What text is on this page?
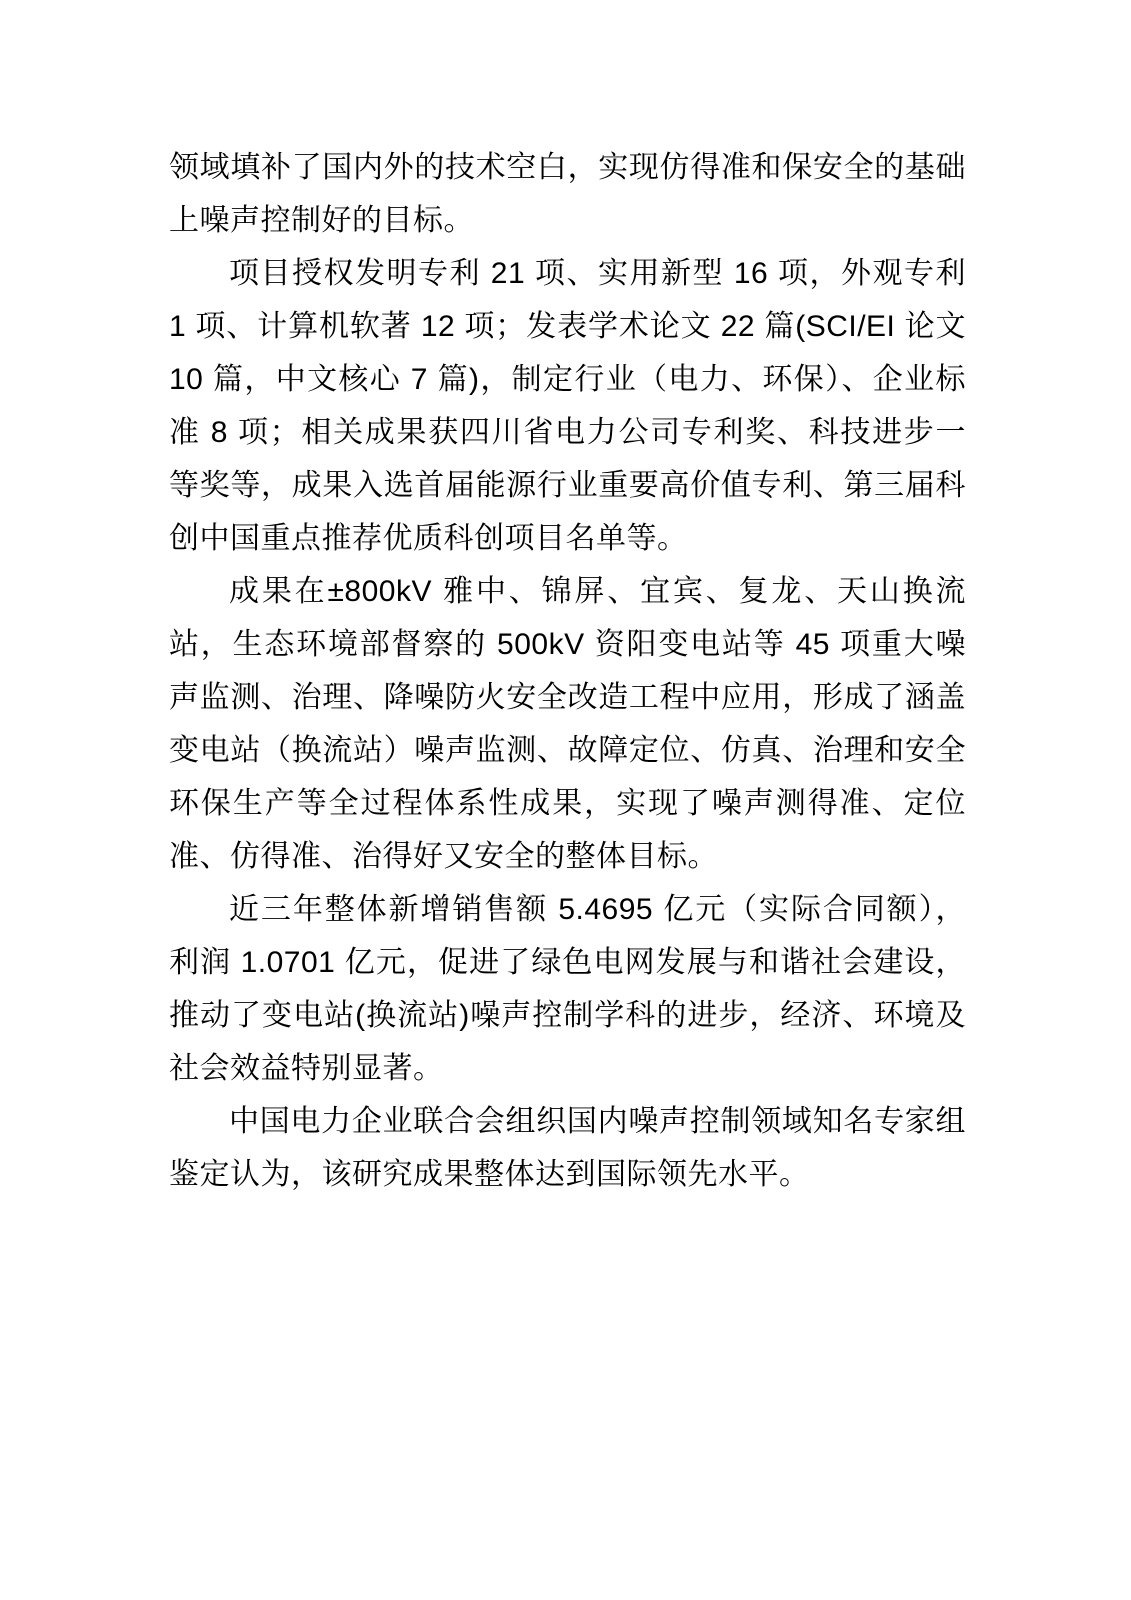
领域填补了国内外的技术空白，实现仿得准和保安全的基础上噪声控制好的目标。

项目授权发明专利 21 项、实用新型 16 项，外观专利 1 项、计算机软著 12 项；发表学术论文 22 篇(SCI/EI 论文 10 篇，中文核心 7 篇)，制定行业（电力、环保）、企业标准 8 项；相关成果获四川省电力公司专利奖、科技进步一等奖等，成果入选首届能源行业重要高价值专利、第三届科创中国重点推荐优质科创项目名单等。

成果在±800kV 雅中、锦屏、宜宾、复龙、天山换流站，生态环境部督察的 500kV 资阳变电站等 45 项重大噪声监测、治理、降噪防火安全改造工程中应用，形成了涵盖变电站（换流站）噪声监测、故障定位、仿真、治理和安全环保生产等全过程体系性成果，实现了噪声测得准、定位准、仿得准、治得好又安全的整体目标。

近三年整体新增销售额 5.4695 亿元（实际合同额），利润 1.0701 亿元，促进了绿色电网发展与和谐社会建设，推动了变电站(换流站)噪声控制学科的进步，经济、环境及社会效益特别显著。

中国电力企业联合会组织国内噪声控制领域知名专家组鉴定认为，该研究成果整体达到国际领先水平。
